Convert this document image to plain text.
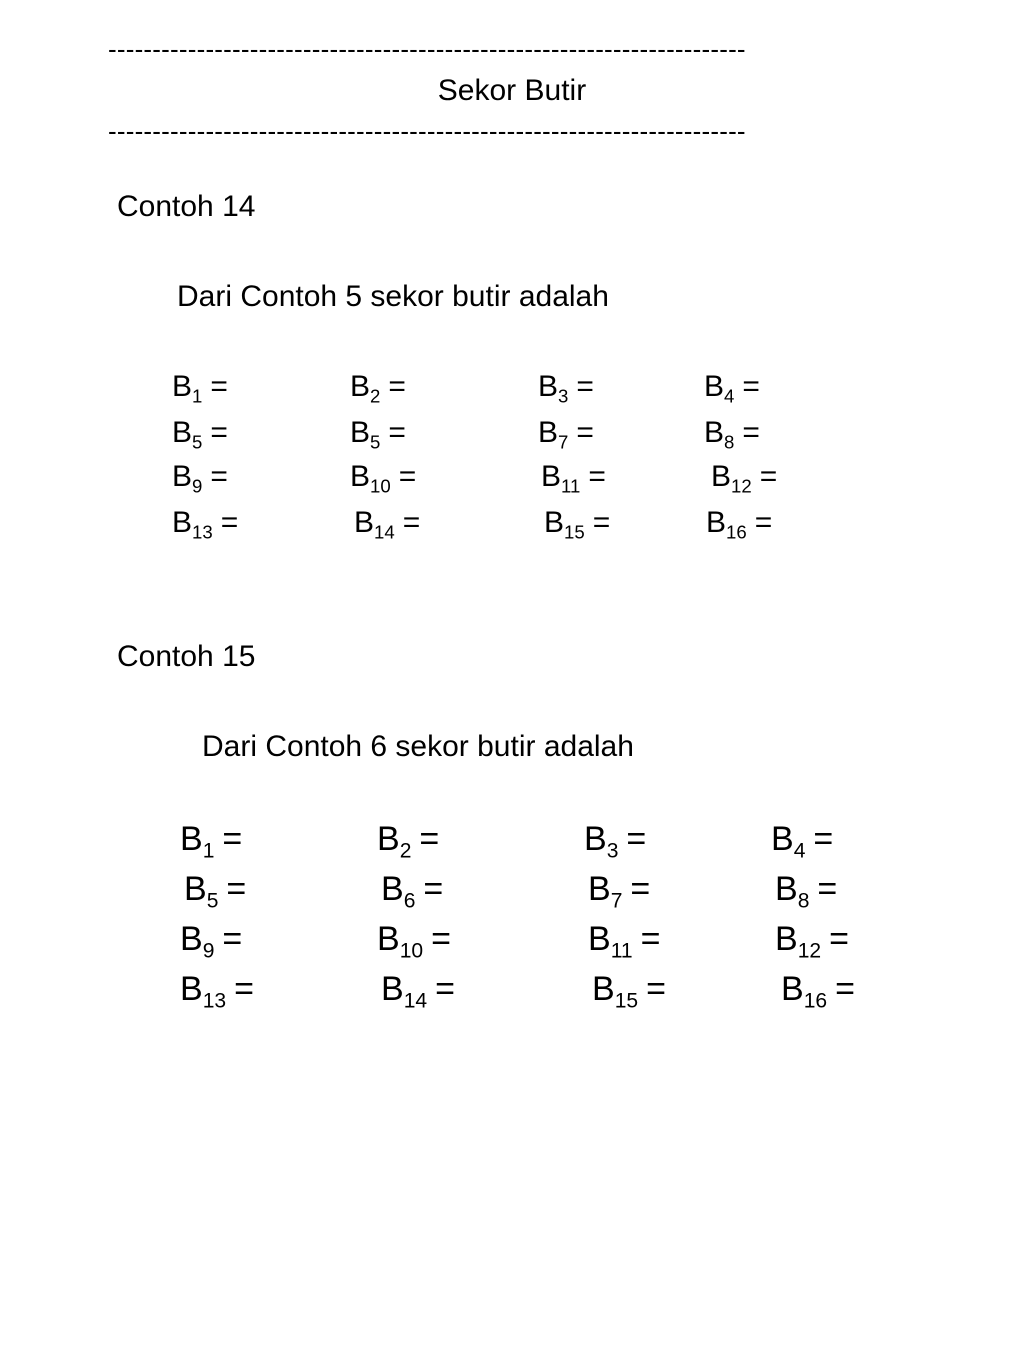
------------------------------------------------------------------------
Sekor Butir
------------------------------------------------------------------------
Contoh 14
Dari Contoh 5 sekor butir adalah
Contoh 15
Dari Contoh 6 sekor butir adalah
$B_1$ =	$B_2$ =	$B_3$ =	$B_4$ =
$B_5$ =	$B_5$ =	$B_7$ =	$B_8$ =
$B_9$ =	$B_{10}$ =	$B_{11}$ =	$B_{12}$ =
$B_{13}$ =	$B_{14}$ =	$B_{15}$ =	$B_{16}$ =
$B_1$ =	$B_2$ =	$B_3$ =	$B_4$ =
$B_5$ =	$B_6$ =	$B_7$ =	$B_8$ =
$B_9$ =	$B_{10}$ =	$B_{11}$ =	$B_{12}$ =
$B_{13}$ =	$B_{14}$ =	$B_{15}$ =	$B_{16}$ =
